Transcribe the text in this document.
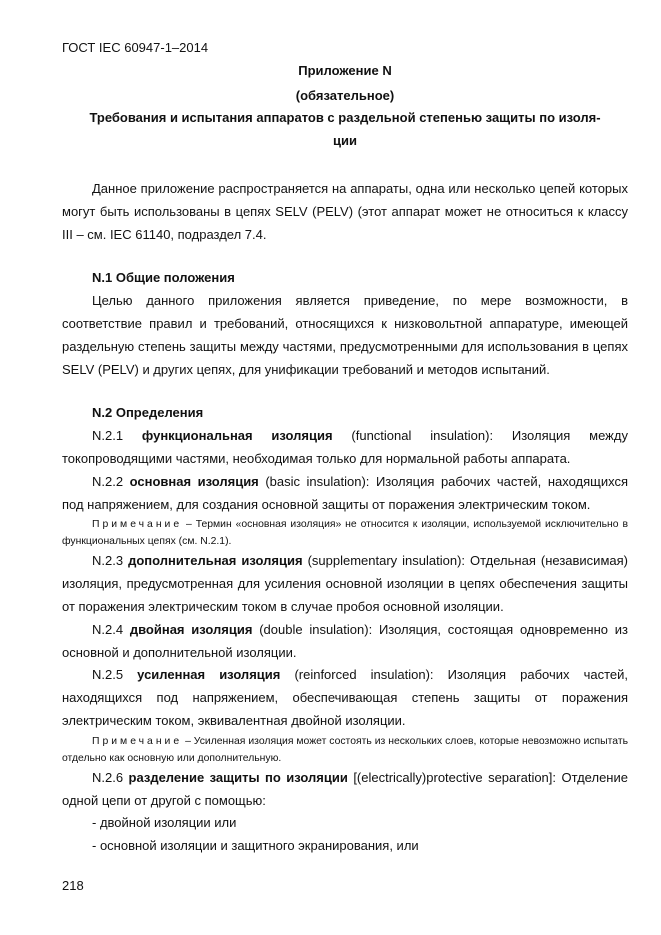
ГОСТ IEC 60947-1–2014
Приложение N
(обязательное)
Требования и испытания аппаратов с раздельной степенью защиты по изоля-
ции

Данное приложение распространяется на аппараты, одна или несколько цепей которых могут быть использованы в цепях SELV (PELV) (этот аппарат может не относиться к классу III – см. IEC 61140, подраздел 7.4.

N.1 Общие положения

Целью данного приложения является приведение, по мере возможности, в соответствие правил и требований, относящихся к низковольтной аппаратуре, имеющей раздельную степень защиты между частями, предусмотренными для использования в цепях SELV (PELV) и других цепях, для унификации требований и методов испытаний.

N.2 Определения

N.2.1 функциональная изоляция (functional insulation): Изоляция между токопроводящими частями, необходимая только для нормальной работы аппарата.

N.2.2 основная изоляция (basic insulation): Изоляция рабочих частей, находящихся под напряжением, для создания основной защиты от поражения электрическим током.

Примечание – Термин «основная изоляция» не относится к изоляции, используемой исключительно в функциональных цепях (см. N.2.1).

N.2.3 дополнительная изоляция (supplementary insulation): Отдельная (независимая) изоляция, предусмотренная для усиления основной изоляции в цепях обеспечения защиты от поражения электрическим током в случае пробоя основной изоляции.

N.2.4 двойная изоляция (double insulation): Изоляция, состоящая одновременно из основной и дополнительной изоляции.

N.2.5 усиленная изоляция (reinforced insulation): Изоляция рабочих частей, находящихся под напряжением, обеспечивающая степень защиты от поражения электрическим током, эквивалентная двойной изоляции.

Примечание – Усиленная изоляция может состоять из нескольких слоев, которые невозможно испытать отдельно как основную или дополнительную.

N.2.6 разделение защиты по изоляции [(electrically)protective separation]: Отделение одной цепи от другой с помощью:

- двойной изоляции или

- основной изоляции и защитного экранирования, или

218
